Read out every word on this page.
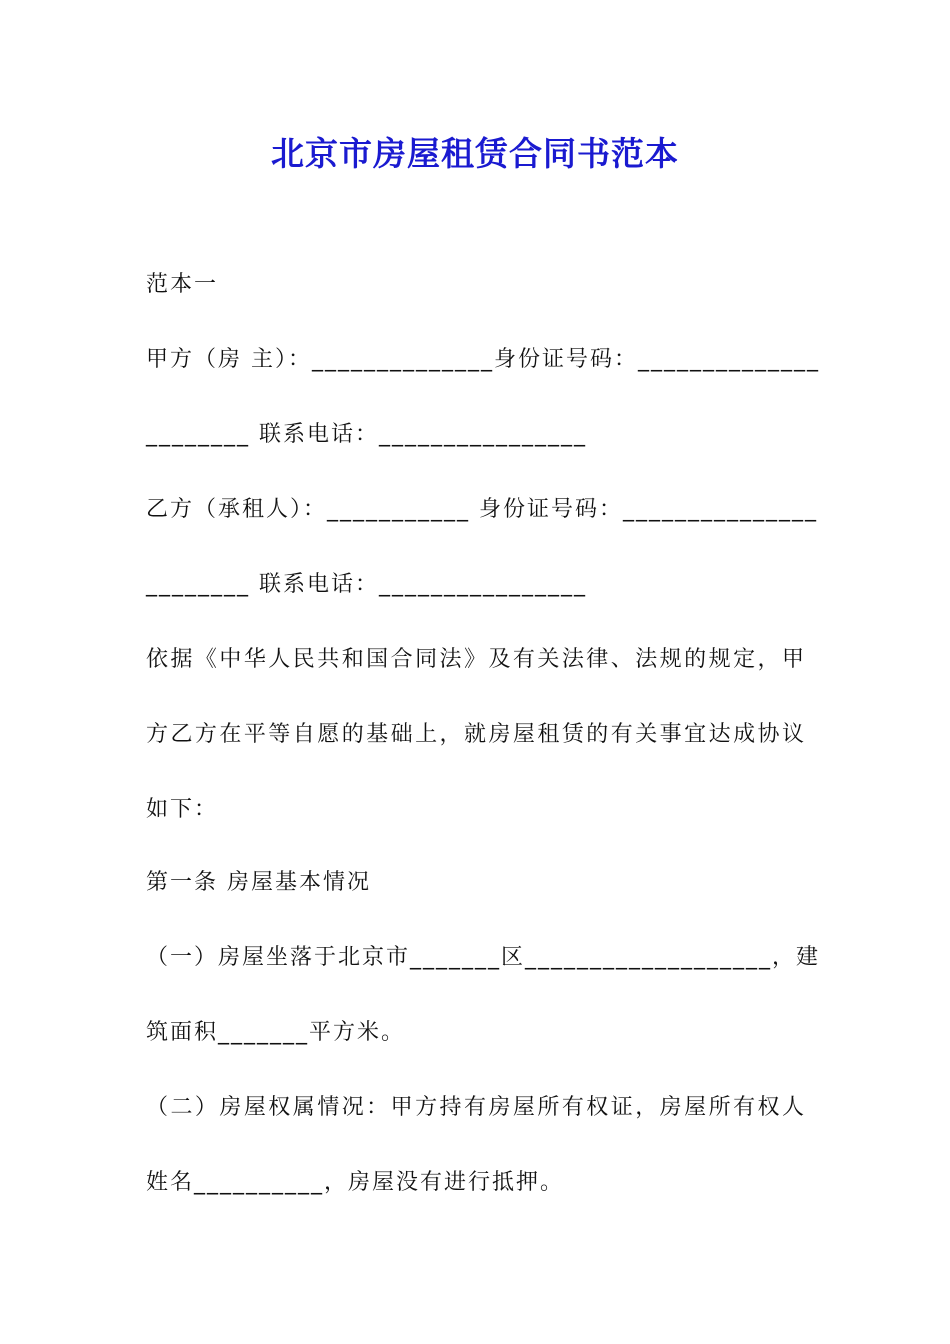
北京市房屋租赁合同书范本
范本一
甲方（房 主）：______________身份证号码：______________
________ 联系电话：________________
乙方（承租人）：___________ 身份证号码：_______________
________ 联系电话：________________
依据《中华人民共和国合同法》及有关法律、法规的规定，甲
方乙方在平等自愿的基础上，就房屋租赁的有关事宜达成协议
如下：
第一条 房屋基本情况
（一）房屋坐落于北京市_______区___________________，建
筑面积_______平方米。
（二）房屋权属情况：甲方持有房屋所有权证，房屋所有权人
姓名__________，房屋没有进行抵押。
